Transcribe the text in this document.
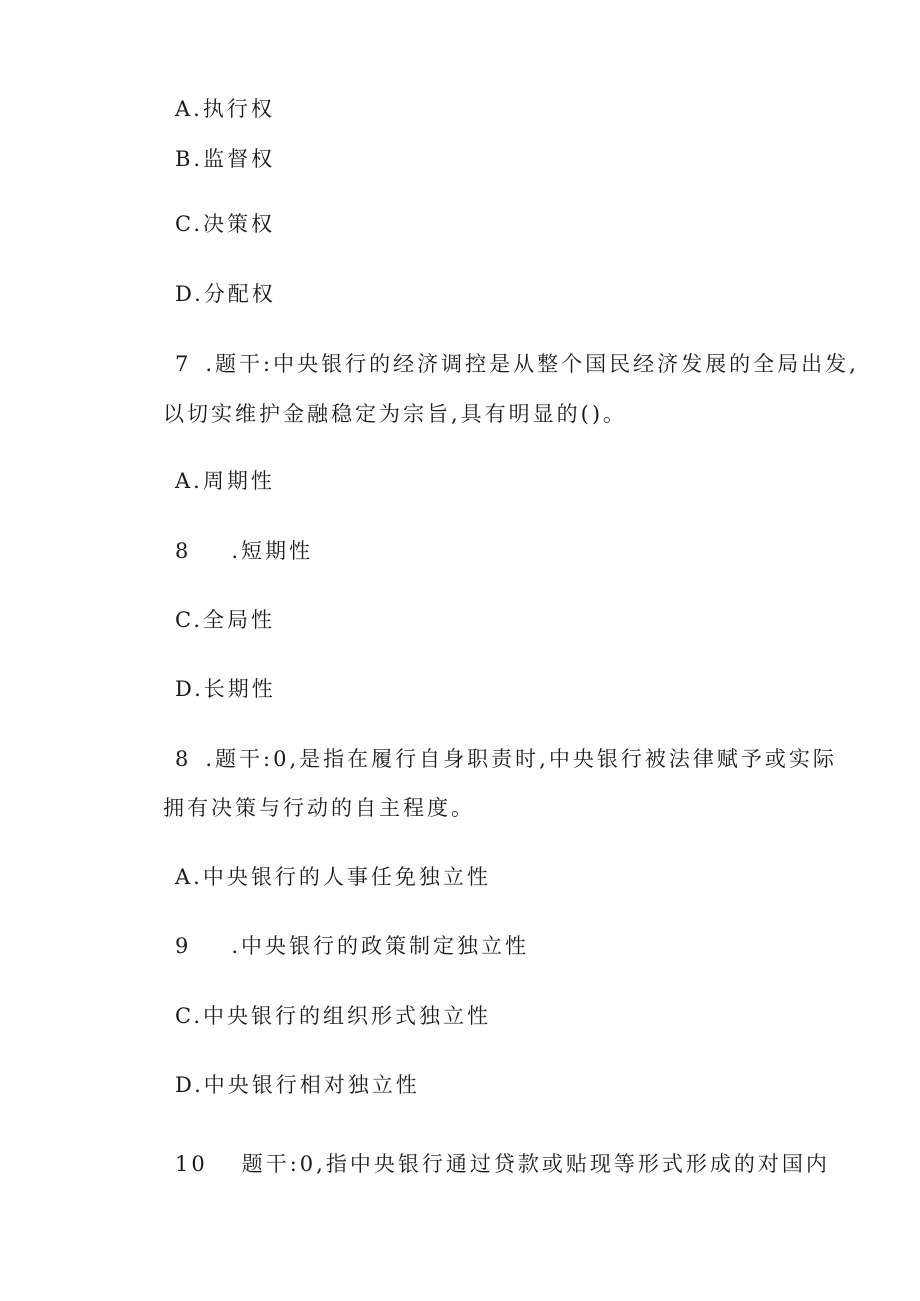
A.执行权
B.监督权
C.决策权
D.分配权
7 .题干:中央银行的经济调控是从整个国民经济发展的全局出发,
以切实维护金融稳定为宗旨,具有明显的()。
A.周期性
8 .短期性
C.全局性
D.长期性
8 .题干:0,是指在履行自身职责时,中央银行被法律赋予或实际
拥有决策与行动的自主程度。
A.中央银行的人事任免独立性
9 .中央银行的政策制定独立性
C.中央银行的组织形式独立性
D.中央银行相对独立性
10 题干:0,指中央银行通过贷款或贴现等形式形成的对国内
